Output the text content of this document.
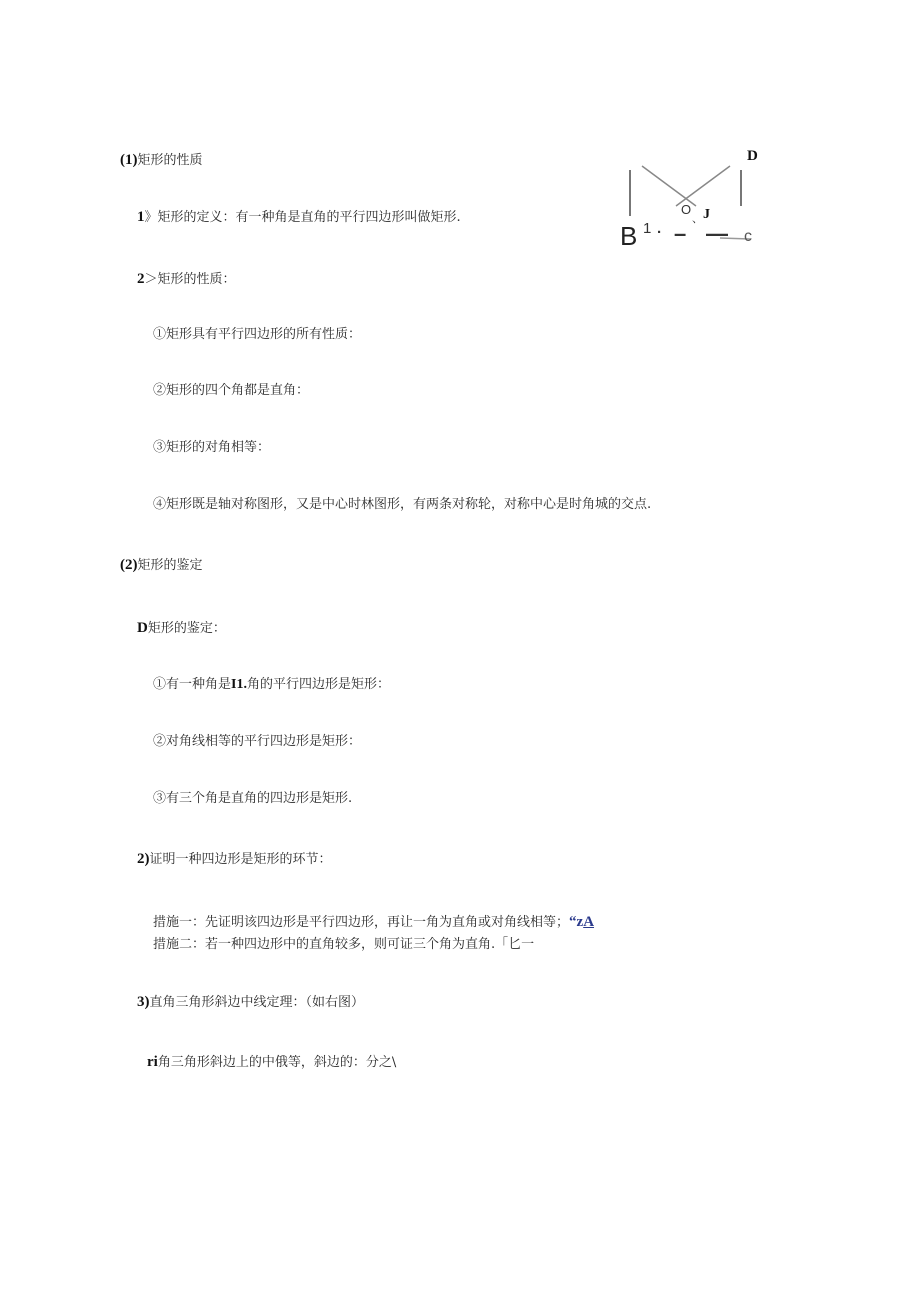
(1)矩形的性质
1》矩形的定义：有一种角是直角的平行四边形叫做矩形.
2＞矩形的性质：
①矩形具有平行四边形的所有性质：
②矩形的四个角都是直角：
③矩形的对角相等：
④矩形既是轴对称图形，又是中心时林图形，有两条对称轮，对称中心是时角城的交点.
(2)矩形的鉴定
D矩形的鉴定：
①有一种角是I1.角的平行四边形是矩形：
②对角线相等的平行四边形是矩形：
③有三个角是直角的四边形是矩形.
2)证明一种四边形是矩形的环节：
措施一：先证明该四边形是平行四边形，再让一角为直角或对角线相等；“zA
措施二：若一种四边形中的直角较多，则可证三个角为直角.「匕一
3)直角三角形斜边中线定理：（如右图）
ri角三角形斜边上的中俄等，斜边的：分之\
D
O
、 J
B 1 · – — c
